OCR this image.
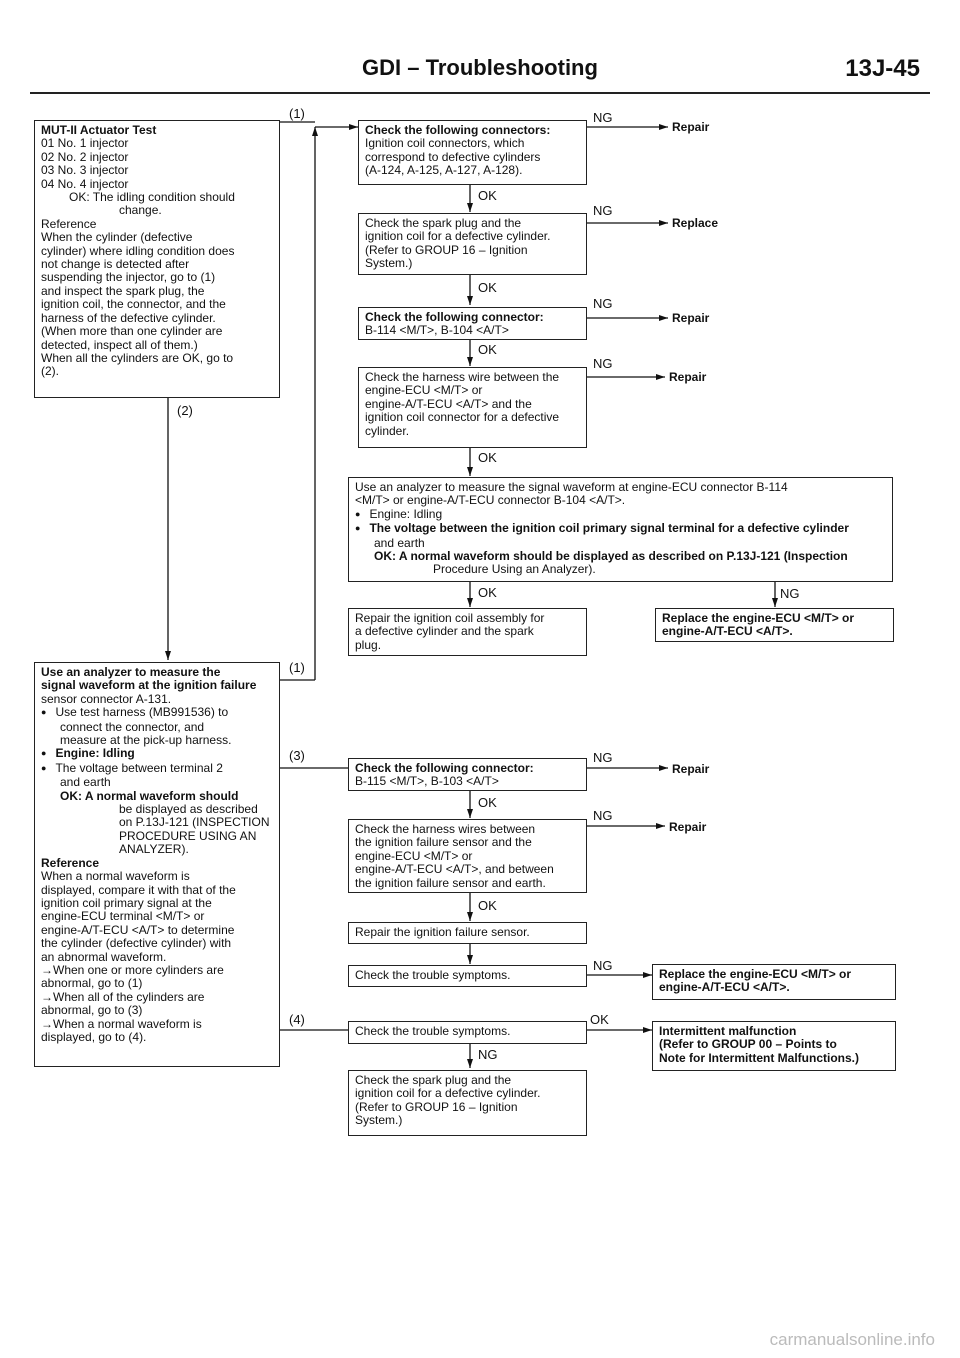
GDI – Troubleshooting	13J-45
MUT-II Actuator Test
01 No. 1 injector
02 No. 2 injector
03 No. 3 injector
04 No. 4 injector
OK: The idling condition should
change.
Reference
When the cylinder (defective
cylinder) where idling condition does
not change is detected after
suspending the injector, go to (1)
and inspect the spark plug, the
ignition coil, the connector, and the
harness of the defective cylinder.
(When more than one cylinder are
detected, inspect all of them.)
When all the cylinders are OK, go to
(2).
Use an analyzer to measure the
signal waveform at the ignition failure
sensor connector A-131.
● Use test harness (MB991536) to
connect the connector, and
measure at the pick-up harness.
● Engine: Idling
● The voltage between terminal 2
and earth
OK: A normal waveform should
be displayed as described
on P.13J-121 (INSPECTION
PROCEDURE USING AN
ANALYZER).
Reference
When a normal waveform is
displayed, compare it with that of the
ignition coil primary signal at the
engine-ECU terminal <M/T> or
engine-A/T-ECU <A/T> to determine
the cylinder (defective cylinder) with
an abnormal waveform.
→When one or more cylinders are
abnormal, go to (1)
→When all of the cylinders are
abnormal, go to (3)
→When a normal waveform is
displayed, go to (4).
(1)
(2)
(1)
(3)
(4)
Check the following connectors:
Ignition coil connectors, which
correspond to defective cylinders
(A-124, A-125, A-127, A-128).
Check the spark plug and the
ignition coil for a defective cylinder.
(Refer to GROUP 16 – Ignition
System.)
Check the following connector:
B-114 <M/T>, B-104 <A/T>
Check the harness wire between the
engine-ECU <M/T> or
engine-A/T-ECU <A/T> and the
ignition coil connector for a defective
cylinder.
Use an analyzer to measure the signal waveform at engine-ECU connector B-114
<M/T> or engine-A/T-ECU connector B-104 <A/T>.
● Engine: Idling
● The voltage between the ignition coil primary signal terminal for a defective cylinder
and earth
OK: A normal waveform should be displayed as described on P.13J-121 (Inspection
Procedure Using an Analyzer).
Repair the ignition coil assembly for
a defective cylinder and the spark
plug.
Replace the engine-ECU <M/T> or
engine-A/T-ECU <A/T>.
Check the following connector:
B-115 <M/T>, B-103 <A/T>
Check the harness wires between
the ignition failure sensor and the
engine-ECU <M/T> or
engine-A/T-ECU <A/T>, and between
the ignition failure sensor and earth.
Repair the ignition failure sensor.
Check the trouble symptoms.
Check the trouble symptoms.
Check the spark plug and the
ignition coil for a defective cylinder.
(Refer to GROUP 16 – Ignition
System.)
Replace the engine-ECU <M/T> or
engine-A/T-ECU <A/T>.
Intermittent malfunction
(Refer to GROUP 00 – Points to
Note for Intermittent Malfunctions.)
Repair
Replace
Repair
Repair
Repair
Repair
NG
NG
NG
NG
NG
NG
NG
OK
NG
NG
OK
OK
OK
OK
OK
OK
OK
carmanualsonline.info
